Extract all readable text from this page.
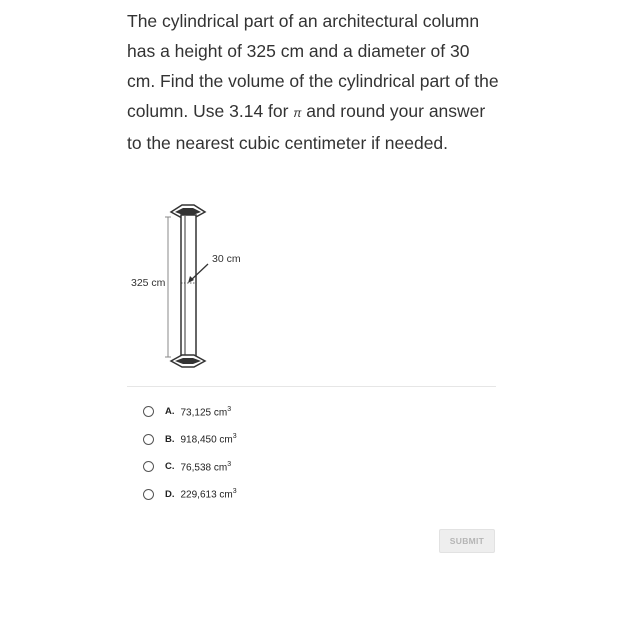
The cylindrical part of an architectural column has a height of 325 cm and a diameter of 30 cm. Find the volume of the cylindrical part of the column. Use 3.14 for π and round your answer to the nearest cubic centimeter if needed.
325 cm
30 cm
A. 73,125 $cm^3$
B. 918,450 $cm^3$
C. 76,538 $cm^3$
D. 229,613 $cm^3$
SUBMIT
